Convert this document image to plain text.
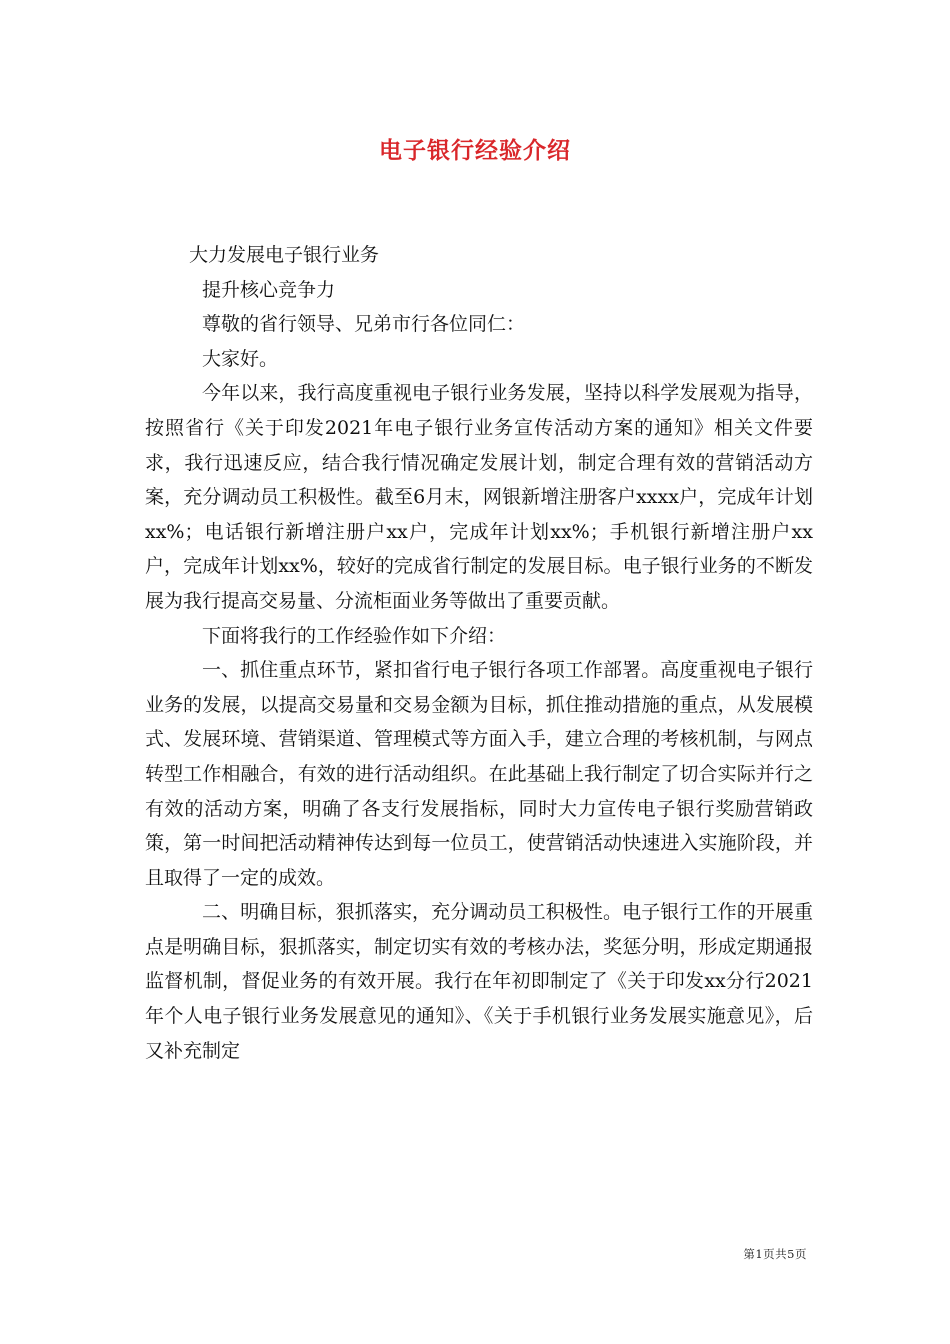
电子银行经验介绍

大力发展电子银行业务

提升核心竞争力

尊敬的省行领导、兄弟市行各位同仁：

大家好。

今年以来，我行高度重视电子银行业务发展，坚持以科学发展观为指导，按照省行《关于印发2021年电子银行业务宣传活动方案的通知》相关文件要求，我行迅速反应，结合我行情况确定发展计划，制定合理有效的营销活动方案，充分调动员工积极性。截至6月末，网银新增注册客户xxxx户，完成年计划xx%；电话银行新增注册户xx户，完成年计划xx%；手机银行新增注册户xx户，完成年计划xx%，较好的完成省行制定的发展目标。电子银行业务的不断发展为我行提高交易量、分流柜面业务等做出了重要贡献。

下面将我行的工作经验作如下介绍：

一、抓住重点环节，紧扣省行电子银行各项工作部署。高度重视电子银行业务的发展，以提高交易量和交易金额为目标，抓住推动措施的重点，从发展模式、发展环境、营销渠道、管理模式等方面入手，建立合理的考核机制，与网点转型工作相融合，有效的进行活动组织。在此基础上我行制定了切合实际并行之有效的活动方案，明确了各支行发展指标，同时大力宣传电子银行奖励营销政策，第一时间把活动精神传达到每一位员工，使营销活动快速进入实施阶段，并且取得了一定的成效。

二、明确目标，狠抓落实，充分调动员工积极性。电子银行工作的开展重点是明确目标，狠抓落实，制定切实有效的考核办法，奖惩分明，形成定期通报监督机制，督促业务的有效开展。我行在年初即制定了《关于印发xx分行2021年个人电子银行业务发展意见的通知》、《关于手机银行业务发展实施意见》，后又补充制定

第1页共5页
